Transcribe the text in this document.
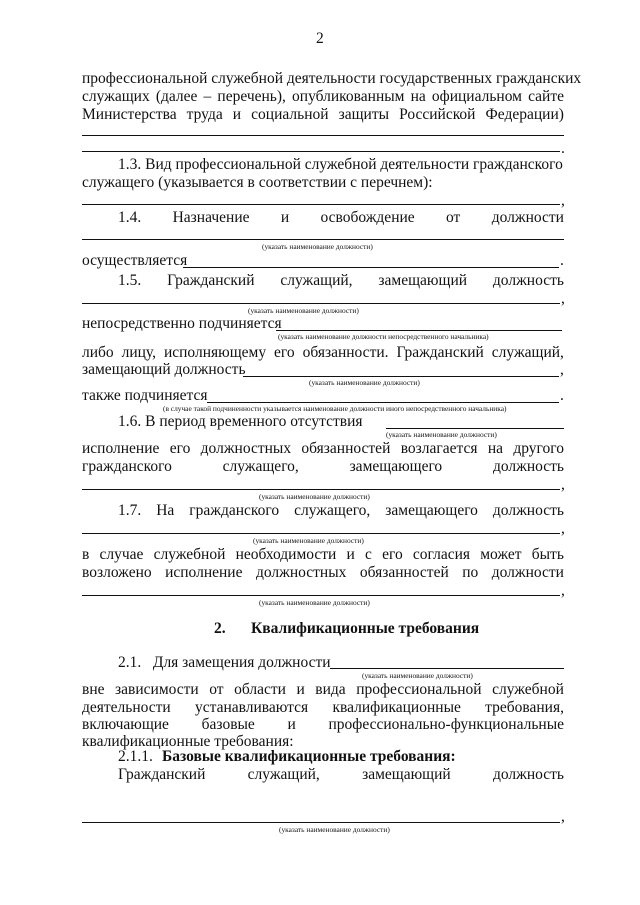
2
профессиональной служебной деятельности государственных гражданских
служащих (далее – перечень), опубликованным на официальном сайте
Министерства труда и социальной защиты Российской Федерации)
.
1.3. Вид профессиональной служебной деятельности гражданского
служащего (указывается в соответствии с перечнем):
,
1.4. Назначение и освобождение от должности
(указать наименование должности)
осуществляется	.
1.5. Гражданский служащий, замещающий должность
,
(указать наименование должности)
непосредственно подчиняется
(указать наименование должности непосредственного начальника)
либо лицу, исполняющему его обязанности. Гражданский служащий,
замещающий должность	,
(указать наименование должности)
также подчиняется	.
(в случае такой подчиненности указывается наименование должности иного непосредственного начальника)
1.6. В период временного отсутствия
(указать наименование должности)
исполнение его должностных обязанностей возлагается на другого
гражданского	служащего,	замещающего	должность
,
(указать наименование должности)
1.7. На гражданского служащего, замещающего должность
,
(указать наименование должности)
в случае служебной необходимости и с его согласия может быть
возложено исполнение должностных обязанностей по должности
,
(указать наименование должности)
2. Квалификационные требования
2.1.   Для замещения должности
(указать наименование должности)
вне зависимости от области и вида профессиональной служебной
деятельности устанавливаются квалификационные требования,
включающие базовые и профессионально-функциональные
квалификационные требования:
2.1.1. Базовые квалификационные требования:
Гражданский	служащий,	замещающий	должность
,
(указать наименование должности)
